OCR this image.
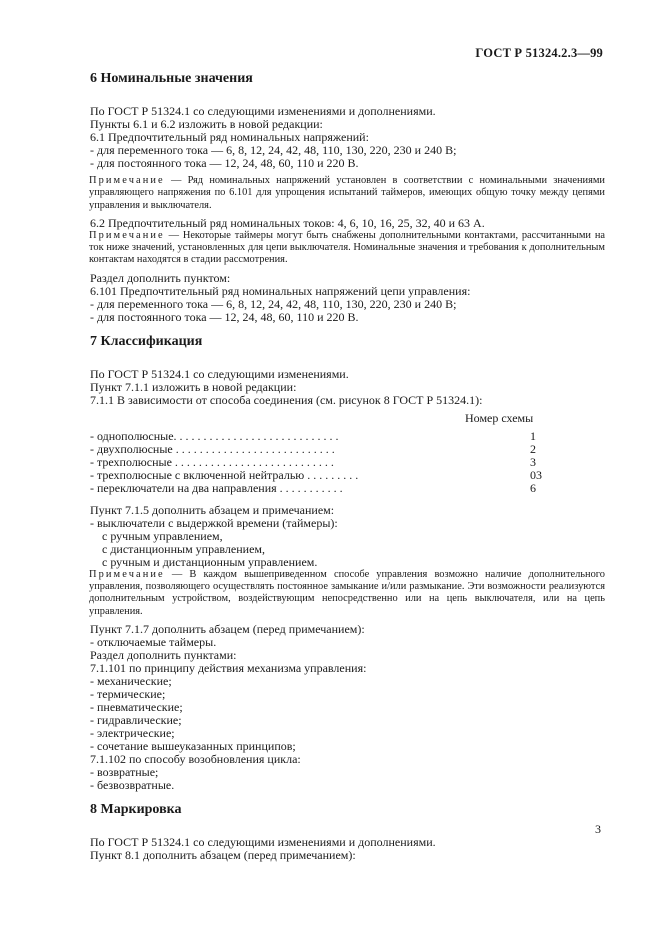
ГОСТ Р 51324.2.3—99
6 Номинальные значения
По ГОСТ Р 51324.1 со следующими изменениями и дополнениями.
Пункты 6.1 и 6.2 изложить в новой редакции:
6.1 Предпочтительный ряд номинальных напряжений:
- для переменного тока — 6, 8, 12, 24, 42, 48, 110, 130, 220, 230 и 240 В;
- для постоянного тока — 12, 24, 48, 60, 110 и 220 В.
Примечание — Ряд номинальных напряжений установлен в соответствии с номинальными значениями управляющего напряжения по 6.101 для упрощения испытаний таймеров, имеющих общую точку между цепями управления и выключателя.
6.2 Предпочтительный ряд номинальных токов: 4, 6, 10, 16, 25, 32, 40 и 63 А.
Примечание — Некоторые таймеры могут быть снабжены дополнительными контактами, рассчитанными на ток ниже значений, установленных для цепи выключателя. Номинальные значения и требования к дополнительным контактам находятся в стадии рассмотрения.
Раздел дополнить пунктом:
6.101 Предпочтительный ряд номинальных напряжений цепи управления:
- для переменного тока — 6, 8, 12, 24, 42, 48, 110, 130, 220, 230 и 240 В;
- для постоянного тока — 12, 24, 48, 60, 110 и 220 В.
7 Классификация
По ГОСТ Р 51324.1 со следующими изменениями.
Пункт 7.1.1 изложить в новой редакции:
7.1.1 В зависимости от способа соединения (см. рисунок 8 ГОСТ Р 51324.1):
	Номер схемы

- однополюсные. . . . . . . . . . . . . . . . . . . . . . . . . . . .	1
- двухполюсные . . . . . . . . . . . . . . . . . . . . . . . . . . .	2
- трехполюсные . . . . . . . . . . . . . . . . . . . . . . . . . . .	3
- трехполюсные с включенной нейтралью . . . . . . . . .	03
- переключатели на два направления . . . . . . . . . . .	6
Пункт 7.1.5 дополнить абзацем и примечанием:
- выключатели с выдержкой времени (таймеры):
с ручным управлением,
с дистанционным управлением,
с ручным и дистанционным управлением.
Примечание — В каждом вышеприведенном способе управления возможно наличие дополнительного управления, позволяющего осуществлять постоянное замыкание и/или размыкание. Эти возможности реализуются дополнительным устройством, воздействующим непосредственно или на цепь выключателя, или на цепь управления.
Пункт 7.1.7 дополнить абзацем (перед примечанием):
- отключаемые таймеры.
Раздел дополнить пунктами:
7.1.101 по принципу действия механизма управления:
- механические;
- термические;
- пневматические;
- гидравлические;
- электрические;
- сочетание вышеуказанных принципов;
7.1.102 по способу возобновления цикла:
- возвратные;
- безвозвратные.
8 Маркировка
По ГОСТ Р 51324.1 со следующими изменениями и дополнениями.
Пункт 8.1 дополнить абзацем (перед примечанием):
3
